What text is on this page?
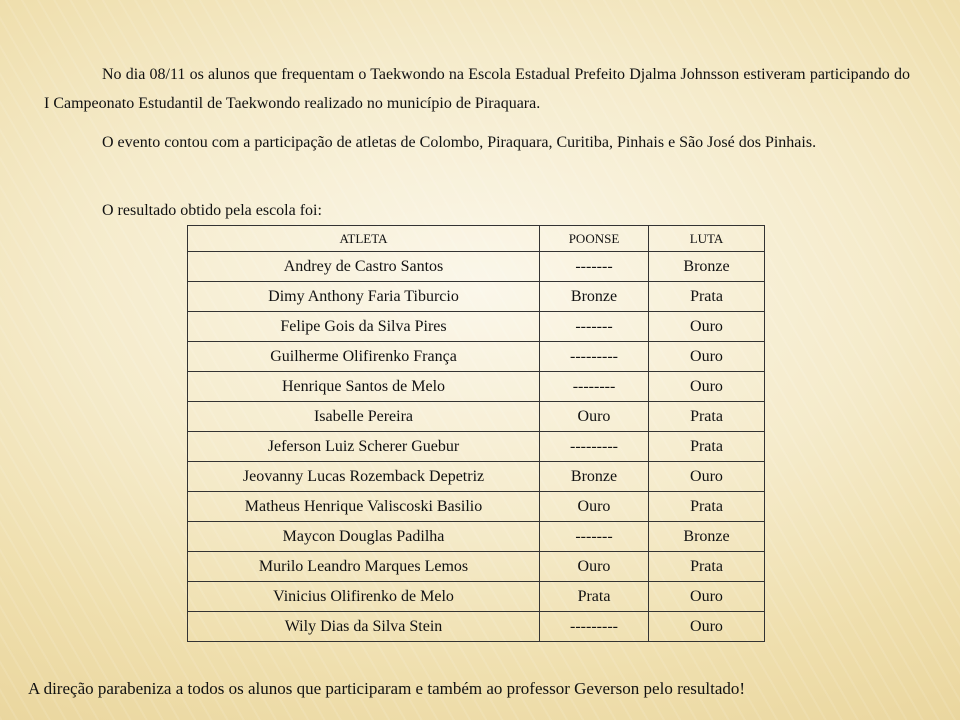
No dia 08/11 os alunos que frequentam o Taekwondo na Escola Estadual Prefeito Djalma Johnsson estiveram participando do I Campeonato Estudantil de Taekwondo realizado no município de Piraquara.

O evento contou com a participação de atletas de Colombo, Piraquara, Curitiba, Pinhais e São José dos Pinhais.

O resultado obtido pela escola foi:

ATLETA	POONSE	LUTA
Andrey de Castro Santos	-------	Bronze
Dimy Anthony Faria Tiburcio	Bronze	Prata
Felipe Gois da Silva Pires	-------	Ouro
Guilherme Olifirenko França	---------	Ouro
Henrique Santos de Melo	--------	Ouro
Isabelle Pereira	Ouro	Prata
Jeferson Luiz Scherer Guebur	---------	Prata
Jeovanny Lucas Rozemback Depetriz	Bronze	Ouro
Matheus Henrique Valiscoski Basilio	Ouro	Prata
Maycon Douglas Padilha	-------	Bronze
Murilo Leandro Marques Lemos	Ouro	Prata
Vinicius Olifirenko de Melo	Prata	Ouro
Wily Dias da Silva Stein	---------	Ouro

A direção parabeniza a todos os alunos que participaram e também ao professor Geverson pelo resultado!
